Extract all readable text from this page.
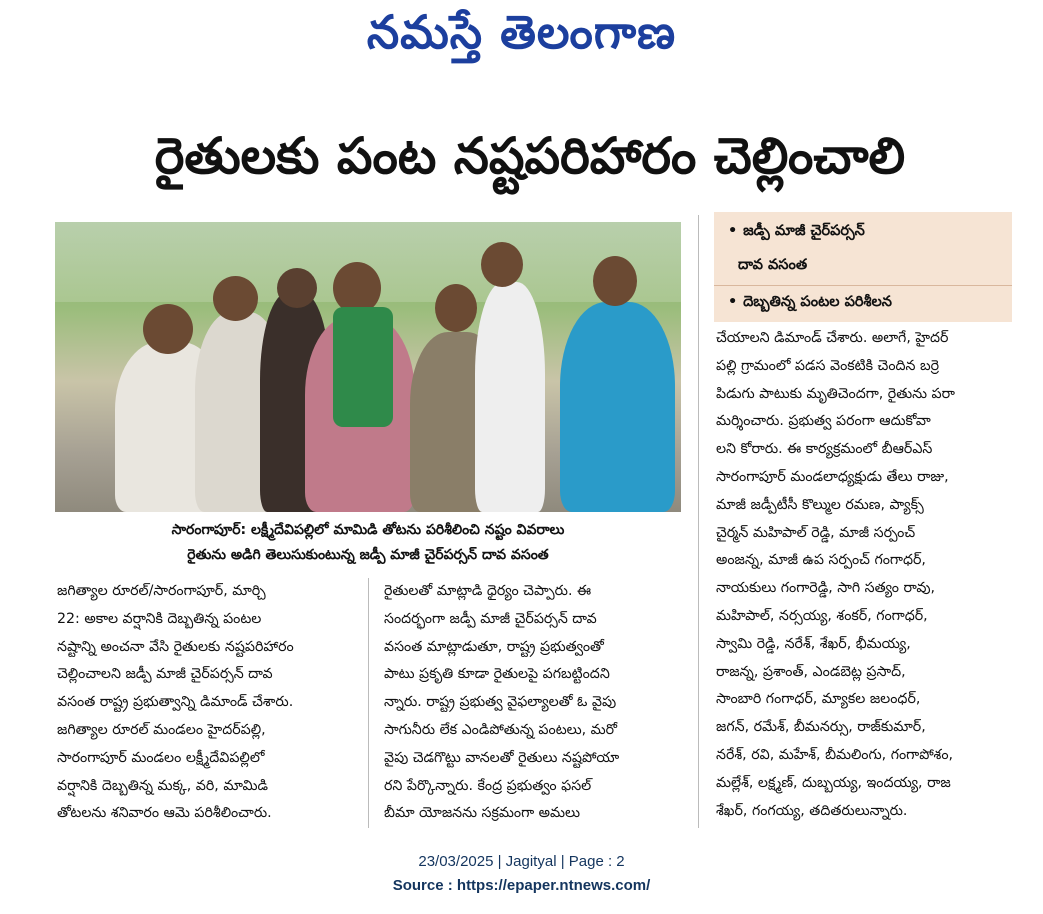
నమస్తే తెలంగాణ
రైతులకు పంట నష్టపరిహారం చెల్లించాలి
సారంగాపూర్: లక్ష్మీదేవిపల్లిలో మామిడి తోటను పరిశీలించి నష్టం వివరాలు
రైతును అడిగి తెలుసుకుంటున్న జడ్పీ మాజీ చైర్‌పర్సన్ దావ వసంత
• జడ్పీ మాజీ చైర్‌పర్సన్
దావ వసంత
• దెబ్బతిన్న పంటల పరిశీలన

జగిత్యాల రూరల్/సారంగాపూర్, మార్చి

22: అకాల వర్షానికి దెబ్బతిన్న పంటల

నష్టాన్ని అంచనా వేసి రైతులకు నష్టపరిహారం

చెల్లించాలని జడ్పీ మాజీ చైర్‌పర్సన్ దావ

వసంత రాష్ట్ర ప్రభుత్వాన్ని డిమాండ్ చేశారు.

జగిత్యాల రూరల్ మండలం హైదర్‌పల్లి,

సారంగాపూర్ మండలం లక్ష్మీదేవిపల్లిలో

వర్షానికి దెబ్బతిన్న మక్క, వరి, మామిడి

తోటలను శనివారం ఆమె పరిశీలించారు.

రైతులతో మాట్లాడి ధైర్యం చెప్పారు. ఈ

సందర్భంగా జడ్పీ మాజీ చైర్‌పర్సన్ దావ

వసంత మాట్లాడుతూ, రాష్ట్ర ప్రభుత్వంతో

పాటు ప్రకృతి కూడా రైతులపై పగబట్టిందని

న్నారు. రాష్ట్ర ప్రభుత్వ వైఫల్యాలతో ఓ వైపు

సాగునీరు లేక ఎండిపోతున్న పంటలు, మరో

వైపు చెడగొట్టు వానలతో రైతులు నష్టపోయా

రని పేర్కొన్నారు. కేంద్ర ప్రభుత్వం ఫసల్

బీమా యోజనను సక్రమంగా అమలు

చేయాలని డిమాండ్ చేశారు. అలాగే, హైదర్

పల్లి గ్రామంలో పడస వెంకటికి చెందిన బర్రె

పిడుగు పాటుకు మృతిచెందగా, రైతును పరా

మర్శించారు. ప్రభుత్వ పరంగా ఆదుకోవా

లని కోరారు. ఈ కార్యక్రమంలో బీఆర్‌ఎస్

సారంగాపూర్ మండలాధ్యక్షుడు తేలు రాజు,

మాజీ జడ్పీటీసీ కొల్ముల రమణ, ప్యాక్స్

చైర్మన్ మహిపాల్ రెడ్డి, మాజీ సర్పంచ్

అంజన్న, మాజీ ఉప సర్పంచ్ గంగాధర్,

నాయకులు గంగారెడ్డి, సాగి సత్యం రావు,

మహిపాల్, నర్సయ్య, శంకర్, గంగాధర్,

స్వామి రెడ్డి, నరేశ్, శేఖర్, భీమయ్య,

రాజన్న, ప్రశాంత్, ఎండబెట్ల ప్రసాద్,

సాంబారి గంగాధర్, మ్యాకల జలంధర్,

జగన్, రమేశ్, బీమనర్సు, రాజ్‌కుమార్,

నరేశ్, రవి, మహేశ్, బీమలింగు, గంగాపోశం,

మల్లేశ్, లక్ష్మణ్, దుబ్బయ్య, ఇందయ్య, రాజ

శేఖర్, గంగయ్య, తదితరులున్నారు.

23/03/2025 | Jagityal | Page : 2
Source : https://epaper.ntnews.com/
